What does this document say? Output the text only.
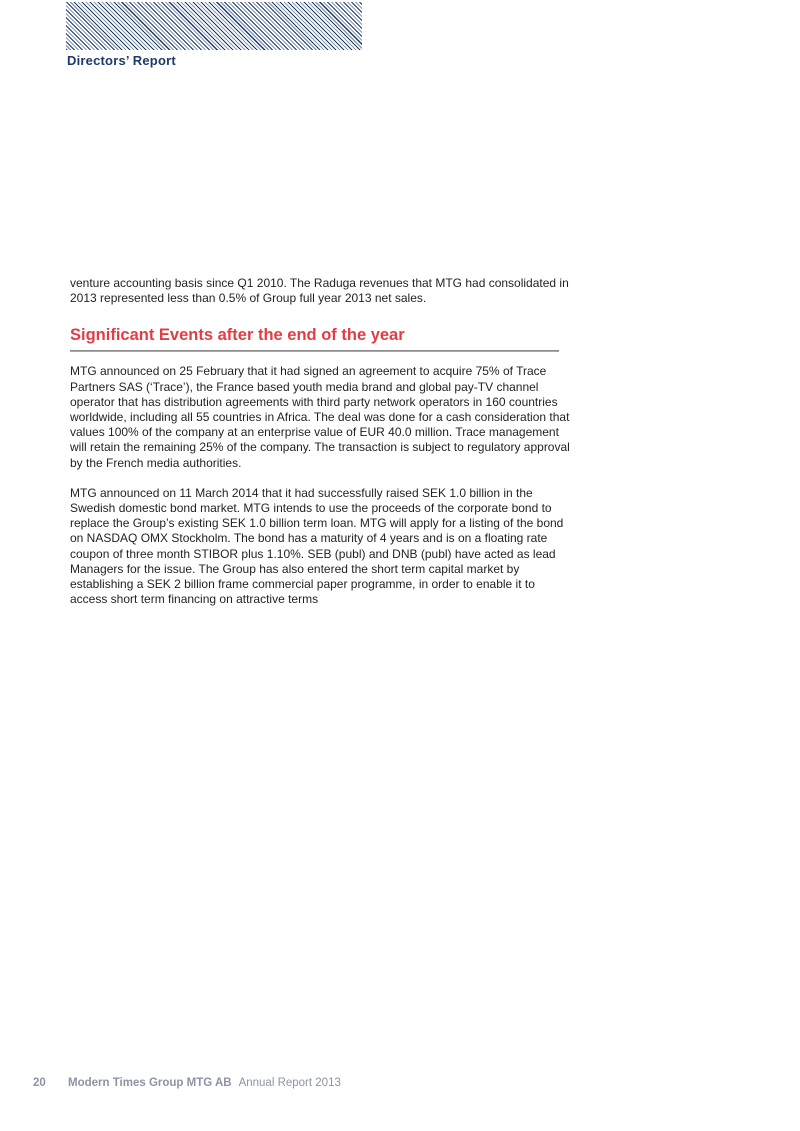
Directors’ Report

venture accounting basis since Q1 2010. The Raduga revenues that MTG had consolidated in 2013 represented less than 0.5% of Group full year 2013 net sales.

Significant Events after the end of the year

MTG announced on 25 February that it had signed an agreement to acquire 75% of Trace Partners SAS (‘Trace’), the France based youth media brand and global pay-TV channel operator that has distribution agreements with third party network operators in 160 countries worldwide, including all 55 countries in Africa. The deal was done for a cash consideration that values 100% of the company at an enterprise value of EUR 40.0 million. Trace management will retain the remaining 25% of the company. The transaction is subject to regulatory approval by the French media authorities.

MTG announced on 11 March 2014 that it had successfully raised SEK 1.0 billion in the Swedish domestic bond market. MTG intends to use the proceeds of the corporate bond to replace the Group’s existing SEK 1.0 billion term loan. MTG will apply for a listing of the bond on NASDAQ OMX Stockholm. The bond has a maturity of 4 years and is on a floating rate coupon of three month STIBOR plus 1.10%. SEB (publ) and DNB (publ) have acted as lead Managers for the issue. The Group has also entered the short term capital market by establishing a SEK 2 billion frame commercial paper programme, in order to enable it to access short term financing on attractive terms

20 Modern Times Group MTG AB Annual Report 2013
